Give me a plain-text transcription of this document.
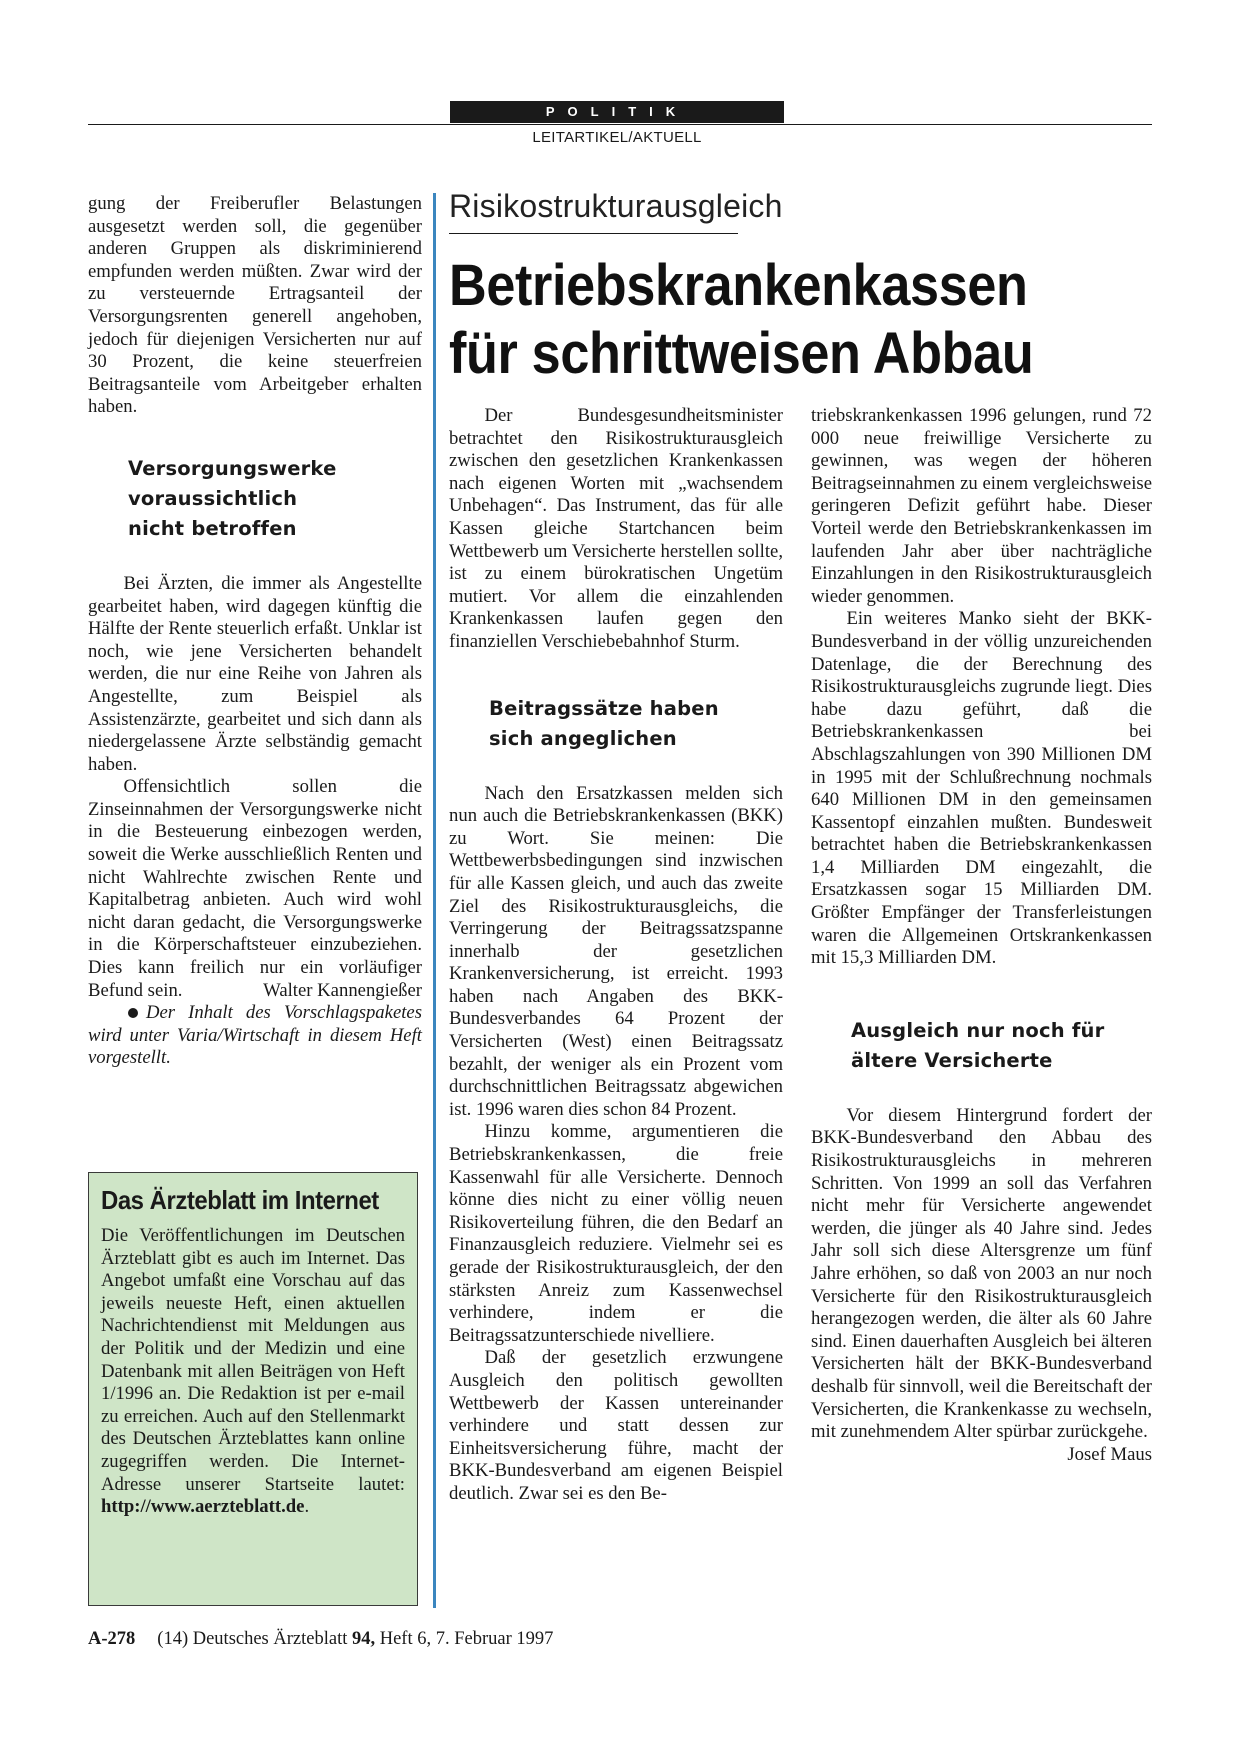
POLITIK
LEITARTIKEL/AKTUELL

gung der Freiberufler Belastungen ausgesetzt werden soll, die gegenüber anderen Gruppen als diskriminierend empfunden werden müßten. Zwar wird der zu versteuernde Ertragsanteil der Versorgungsrenten generell angehoben, jedoch für diejenigen Versicherten nur auf 30 Prozent, die keine steuerfreien Beitragsanteile vom Arbeitgeber erhalten haben.

Versorgungswerke
voraussichtlich
nicht betroffen

Bei Ärzten, die immer als Angestellte gearbeitet haben, wird dagegen künftig die Hälfte der Rente steuerlich erfaßt. Unklar ist noch, wie jene Versicherten behandelt werden, die nur eine Reihe von Jahren als Angestellte, zum Beispiel als Assistenzärzte, gearbeitet und sich dann als niedergelassene Ärzte selbständig gemacht haben.

Offensichtlich sollen die Zinseinnahmen der Versorgungswerke nicht in die Besteuerung einbezogen werden, soweit die Werke ausschließlich Renten und nicht Wahlrechte zwischen Rente und Kapitalbetrag anbieten. Auch wird wohl nicht daran gedacht, die Versorgungswerke in die Körperschaftsteuer einzubeziehen. Dies kann freilich nur ein vorläufiger Befund sein.	Walter Kannengießer

Der Inhalt des Vorschlagspaketes wird unter Varia/Wirtschaft in diesem Heft vorgestellt.

Das Ärzteblatt im Internet

Die Veröffentlichungen im Deutschen Ärzteblatt gibt es auch im Internet. Das Angebot umfaßt eine Vorschau auf das jeweils neueste Heft, einen aktuellen Nachrichtendienst mit Meldungen aus der Politik und der Medizin und eine Datenbank mit allen Beiträgen von Heft 1/1996 an. Die Redaktion ist per e-mail zu erreichen. Auch auf den Stellenmarkt des Deutschen Ärzteblattes kann online zugegriffen werden. Die Internet-Adresse unserer Startseite lautet: http://www.aerzteblatt.de.

Risikostrukturausgleich
Betriebskrankenkassen
für schrittweisen Abbau

Der Bundesgesundheitsminister betrachtet den Risikostrukturausgleich zwischen den gesetzlichen Krankenkassen nach eigenen Worten mit „wachsendem Unbehagen“. Das Instrument, das für alle Kassen gleiche Startchancen beim Wettbewerb um Versicherte herstellen sollte, ist zu einem bürokratischen Ungetüm mutiert. Vor allem die einzahlenden Krankenkassen laufen gegen den finanziellen Verschiebebahnhof Sturm.

Beitragssätze haben
sich angeglichen

Nach den Ersatzkassen melden sich nun auch die Betriebskrankenkassen (BKK) zu Wort. Sie meinen: Die Wettbewerbsbedingungen sind inzwischen für alle Kassen gleich, und auch das zweite Ziel des Risikostrukturausgleichs, die Verringerung der Beitragssatzspanne innerhalb der gesetzlichen Krankenversicherung, ist erreicht. 1993 haben nach Angaben des BKK-Bundesverbandes 64 Prozent der Versicherten (West) einen Beitragssatz bezahlt, der weniger als ein Prozent vom durchschnittlichen Beitragssatz abgewichen ist. 1996 waren dies schon 84 Prozent.

Hinzu komme, argumentieren die Betriebskrankenkassen, die freie Kassenwahl für alle Versicherte. Dennoch könne dies nicht zu einer völlig neuen Risikoverteilung führen, die den Bedarf an Finanzausgleich reduziere. Vielmehr sei es gerade der Risikostrukturausgleich, der den stärksten Anreiz zum Kassenwechsel verhindere, indem er die Beitragssatzunterschiede nivelliere.

Daß der gesetzlich erzwungene Ausgleich den politisch gewollten Wettbewerb der Kassen untereinander verhindere und statt dessen zur Einheitsversicherung führe, macht der BKK-Bundesverband am eigenen Beispiel deutlich. Zwar sei es den Be-

triebskrankenkassen 1996 gelungen, rund 72 000 neue freiwillige Versicherte zu gewinnen, was wegen der höheren Beitragseinnahmen zu einem vergleichsweise geringeren Defizit geführt habe. Dieser Vorteil werde den Betriebskrankenkassen im laufenden Jahr aber über nachträgliche Einzahlungen in den Risikostrukturausgleich wieder genommen.

Ein weiteres Manko sieht der BKK-Bundesverband in der völlig unzureichenden Datenlage, die der Berechnung des Risikostrukturausgleichs zugrunde liegt. Dies habe dazu geführt, daß die Betriebskrankenkassen bei Abschlagszahlungen von 390 Millionen DM in 1995 mit der Schlußrechnung nochmals 640 Millionen DM in den gemeinsamen Kassentopf einzahlen mußten. Bundesweit betrachtet haben die Betriebskrankenkassen 1,4 Milliarden DM eingezahlt, die Ersatzkassen sogar 15 Milliarden DM. Größter Empfänger der Transferleistungen waren die Allgemeinen Ortskrankenkassen mit 15,3 Milliarden DM.

Ausgleich nur noch für
ältere Versicherte

Vor diesem Hintergrund fordert der BKK-Bundesverband den Abbau des Risikostrukturausgleichs in mehreren Schritten. Von 1999 an soll das Verfahren nicht mehr für Versicherte angewendet werden, die jünger als 40 Jahre sind. Jedes Jahr soll sich diese Altersgrenze um fünf Jahre erhöhen, so daß von 2003 an nur noch Versicherte für den Risikostrukturausgleich herangezogen werden, die älter als 60 Jahre sind. Einen dauerhaften Ausgleich bei älteren Versicherten hält der BKK-Bundesverband deshalb für sinnvoll, weil die Bereitschaft der Versicherten, die Krankenkasse zu wechseln, mit zunehmendem Alter spürbar zurückgehe.
Josef Maus

A-278 (14) Deutsches Ärzteblatt 94, Heft 6, 7. Februar 1997
